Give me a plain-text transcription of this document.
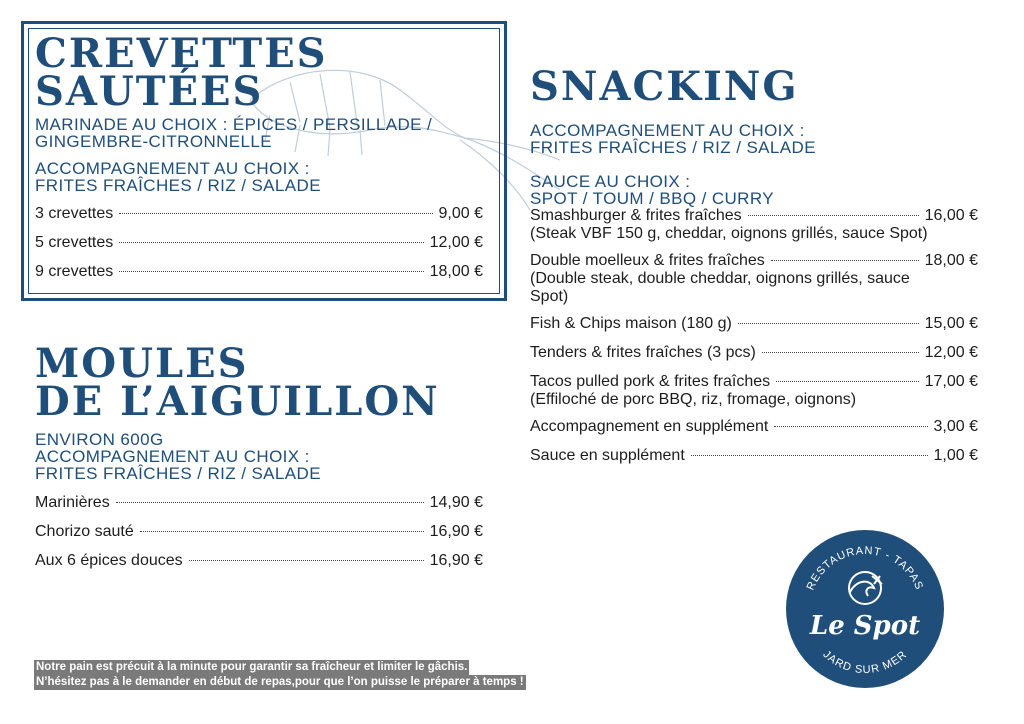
CREVETTES
SAUTÉES
MARINADE AU CHOIX : ÉPICES / PERSILLADE /
GINGEMBRE-CITRONNELLE
ACCOMPAGNEMENT AU CHOIX :
FRITES FRAÎCHES / RIZ / SALADE
3 crevettes	9,00 €
5 crevettes	12,00 €
9 crevettes	18,00 €
MOULES
DE L’AIGUILLON
ENVIRON 600G
ACCOMPAGNEMENT AU CHOIX :
FRITES FRAÎCHES / RIZ / SALADE
Marinières	14,90 €
Chorizo sauté	16,90 €
Aux 6 épices douces	16,90 €
SNACKING
ACCOMPAGNEMENT AU CHOIX :
FRITES FRAÎCHES / RIZ / SALADE
SAUCE AU CHOIX :
SPOT / TOUM / BBQ / CURRY
Smashburger & frites fraîches	16,00 €
(Steak VBF 150 g, cheddar, oignons grillés, sauce Spot)
Double moelleux & frites fraîches	18,00 €
(Double steak, double cheddar, oignons grillés, sauce Spot)
Fish & Chips maison (180 g)	15,00 €
Tenders & frites fraîches (3 pcs)	12,00 €
Tacos pulled pork & frites fraîches	17,00 €
(Effiloché de porc BBQ, riz, fromage, oignons)
Accompagnement en supplément	3,00 €
Sauce en supplément	1,00 €
RESTAURANT - TAPAS
JARD SUR MER
Le Spot
Notre pain est précuit à la minute pour garantir sa fraîcheur et limiter le gâchis.
N’hésitez pas à le demander en début de repas,pour que l’on puisse le préparer à temps !
